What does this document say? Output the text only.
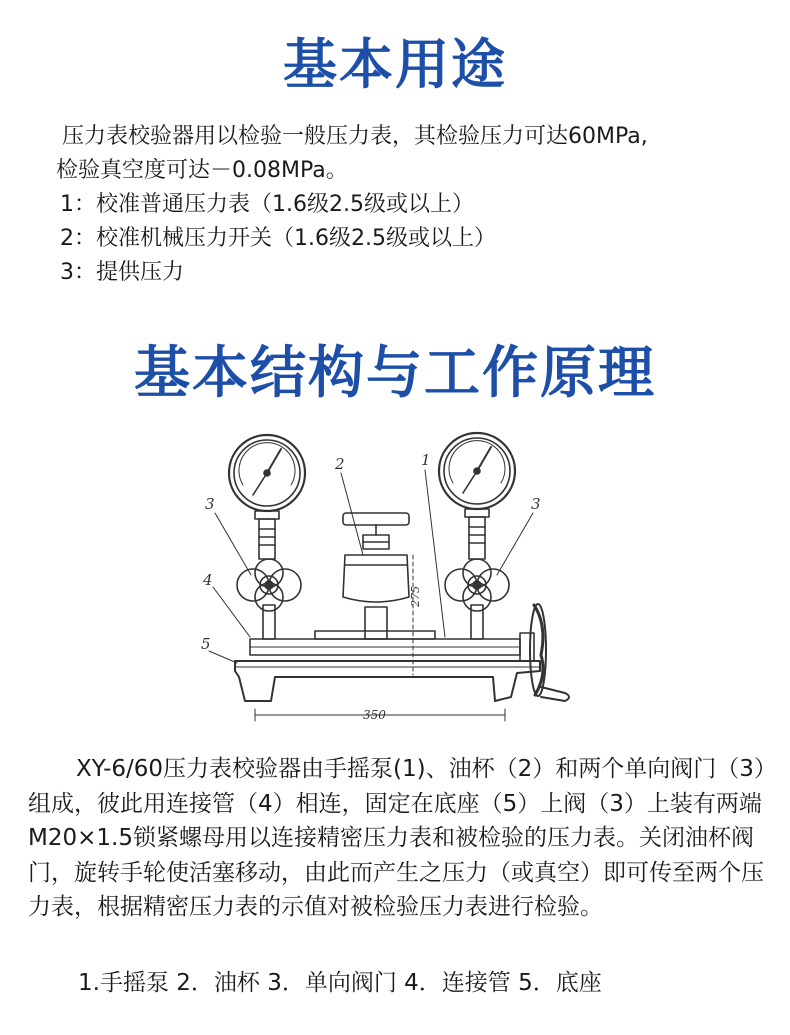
基本用途

压力表校验器用以检验一般压力表，其检验压力可达60MPa,

检验真空度可达－0.08MPa。

1：校准普通压力表（1.6级2.5级或以上）

2：校准机械压力开关（1.6级2.5级或以上）

3：提供压力

基本结构与工作原理
1
2
3	3
4
5
275
350

XY-6/60压力表校验器由手摇泵(1)、油杯（2）和两个单向阀门（3）组成，彼此用连接管（4）相连，固定在底座（5）上阀（3）上装有两端M20×1.5锁紧螺母用以连接精密压力表和被检验的压力表。关闭油杯阀门，旋转手轮使活塞移动，由此而产生之压力（或真空）即可传至两个压力表，根据精密压力表的示值对被检验压力表进行检验。

1.手摇泵 2．油杯 3．单向阀门 4．连接管 5．底座
